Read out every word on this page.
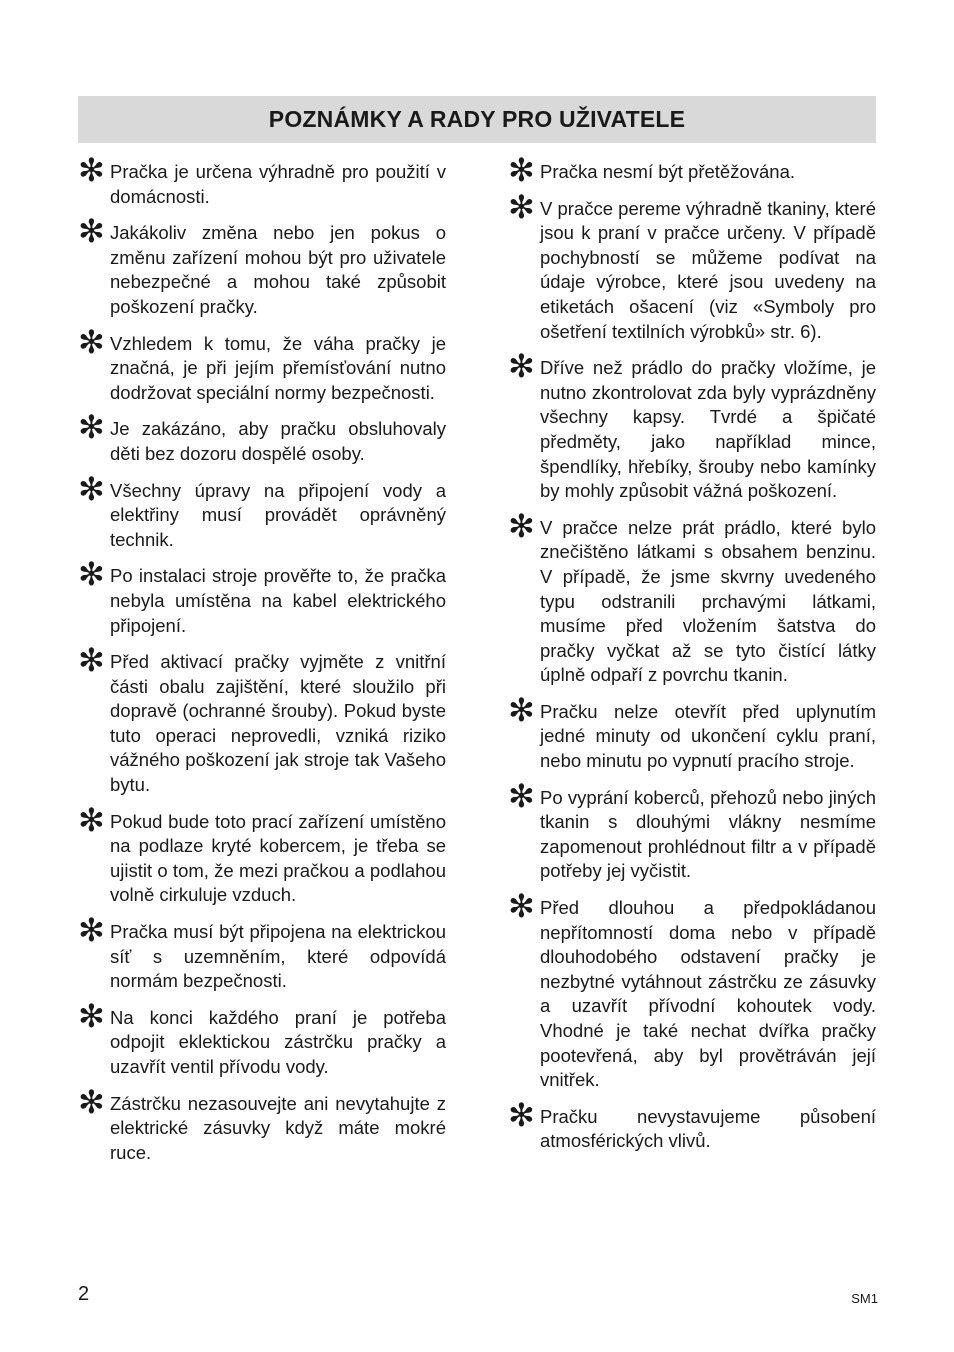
POZNÁMKY A RADY PRO UŽIVATELE
✻ Pračka je určena výhradně pro použití v domácnosti.
✻ Jakákoliv změna nebo jen pokus o změnu zařízení mohou být pro uživatele nebezpečné a mohou také způsobit poškození pračky.
✻ Vzhledem k tomu, že váha pračky je značná, je při jejím přemísťování nutno dodržovat speciální normy bezpečnosti.
✻ Je zakázáno, aby pračku obsluhovaly děti bez dozoru dospělé osoby.
✻ Všechny úpravy na připojení vody a elektřiny musí provádět oprávněný technik.
✻ Po instalaci stroje prověřte to, že pračka nebyla umístěna na kabel elektrického připojení.
✻ Před aktivací pračky vyjměte z vnitřní části obalu zajištění, které sloužilo při dopravě (ochranné šrouby). Pokud byste tuto operaci neprovedli, vzniká riziko vážného poškození jak stroje tak Vašeho bytu.
✻ Pokud bude toto prací zařízení umístěno na podlaze kryté kobercem, je třeba se ujistit o tom, že mezi pračkou a podlahou volně cirkuluje vzduch.
✻ Pračka musí být připojena na elektrickou síť s uzemněním, které odpovídá normám bezpečnosti.
✻ Na konci každého praní je potřeba odpojit eklektickou zástrčku pračky a uzavřít ventil přívodu vody.
✻ Zástrčku nezasouvejte ani nevytahujte z elektrické zásuvky když máte mokré ruce.
✻ Pračka nesmí být přetěžována.
✻ V pračce pereme výhradně tkaniny, které jsou k praní v pračce určeny. V případě pochybností se můžeme podívat na údaje výrobce, které jsou uvedeny na etiketách ošacení (viz «Symboly pro ošetření textilních výrobků» str. 6).
✻ Dříve než prádlo do pračky vložíme, je nutno zkontrolovat zda byly vyprázdněny všechny kapsy. Tvrdé a špičaté předměty, jako například mince, špendlíky, hřebíky, šrouby nebo kamínky by mohly způsobit vážná poškození.
✻ V pračce nelze prát prádlo, které bylo znečištěno látkami s obsahem benzinu. V případě, že jsme skvrny uvedeného typu odstranili prchavými látkami, musíme před vložením šatstva do pračky vyčkat až se tyto čistící látky úplně odpaří z povrchu tkanin.
✻ Pračku nelze otevřít před uplynutím jedné minuty od ukončení cyklu praní, nebo minutu po vypnutí pracího stroje.
✻ Po vyprání koberců, přehozů nebo jiných tkanin s dlouhými vlákny nesmíme zapomenout prohlédnout filtr a v případě potřeby jej vyčistit.
✻ Před dlouhou a předpokládanou nepřítomností doma nebo v případě dlouhodobého odstavení pračky je nezbytné vytáhnout zástrčku ze zásuvky a uzavřít přívodní kohoutek vody. Vhodné je také nechat dvířka pračky pootevřená, aby byl provětráván její vnitřek.
✻ Pračku nevystavujeme působení atmosférických vlivů.
2	SM1
